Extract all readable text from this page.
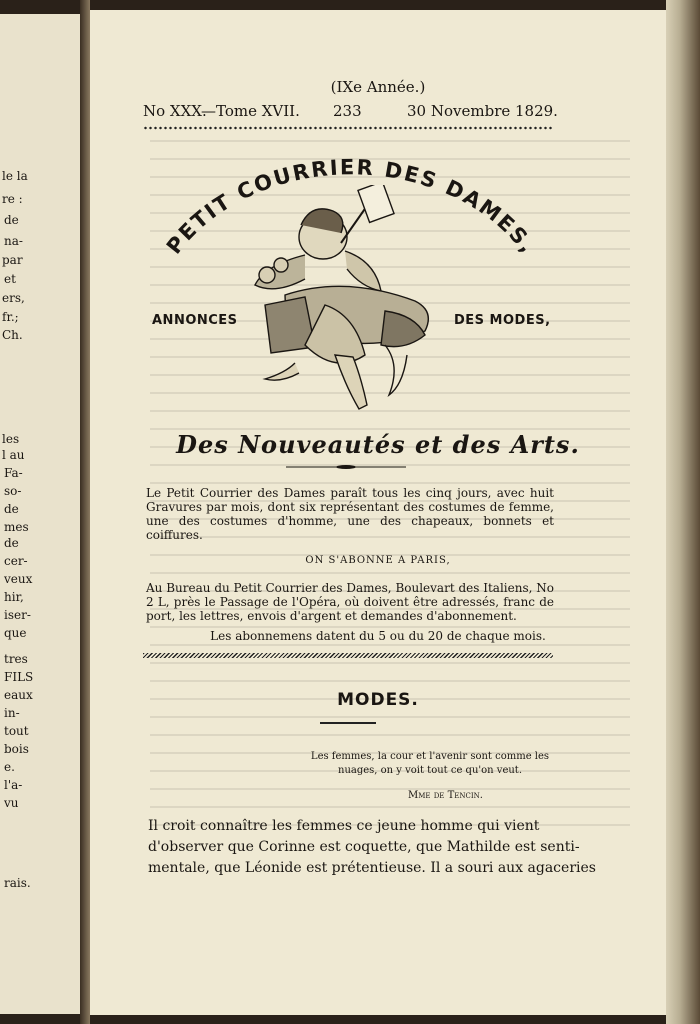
le la
re :
de
na-
par
et
ers,
fr.;
Ch.
les
l au
Fa-
so-
de
mes
de
cer-
veux
hir,
iser-
que
tres
FILS
eaux
in-
tout
bois
e.
l'a-
vu
rais.
(IXe Année.)
No XXX.
—Tome XVII. 233	30 Novembre 1829.
PETIT COURRIER DES DAMES,
ANNONCES	DES MODES,
Des Nouveautés et des Arts.
Le Petit Courrier des Dames paraît tous les cinq jours, avec huit Gravures par mois, dont six représentant des costumes de femme, une des costumes d'homme, une des chapeaux, bonnets et coiffures.
ON S'ABONNE A PARIS,
Au Bureau du Petit Courrier des Dames, Boulevart des Italiens, No 2 L, près le Passage de l'Opéra, où doivent être adressés, franc de port, les lettres, envois d'argent et demandes d'abonnement.
Les abonnemens datent du 5 ou du 20 de chaque mois.
MODES.
Les femmes, la cour et l'avenir sont comme les nuages, on y voit tout ce qu'on veut.
Mme de Tencin.
Il croit connaître les femmes ce jeune homme qui vient
d'observer que Corinne est coquette, que Mathilde est senti-
mentale, que Léonide est prétentieuse. Il a souri aux agaceries
